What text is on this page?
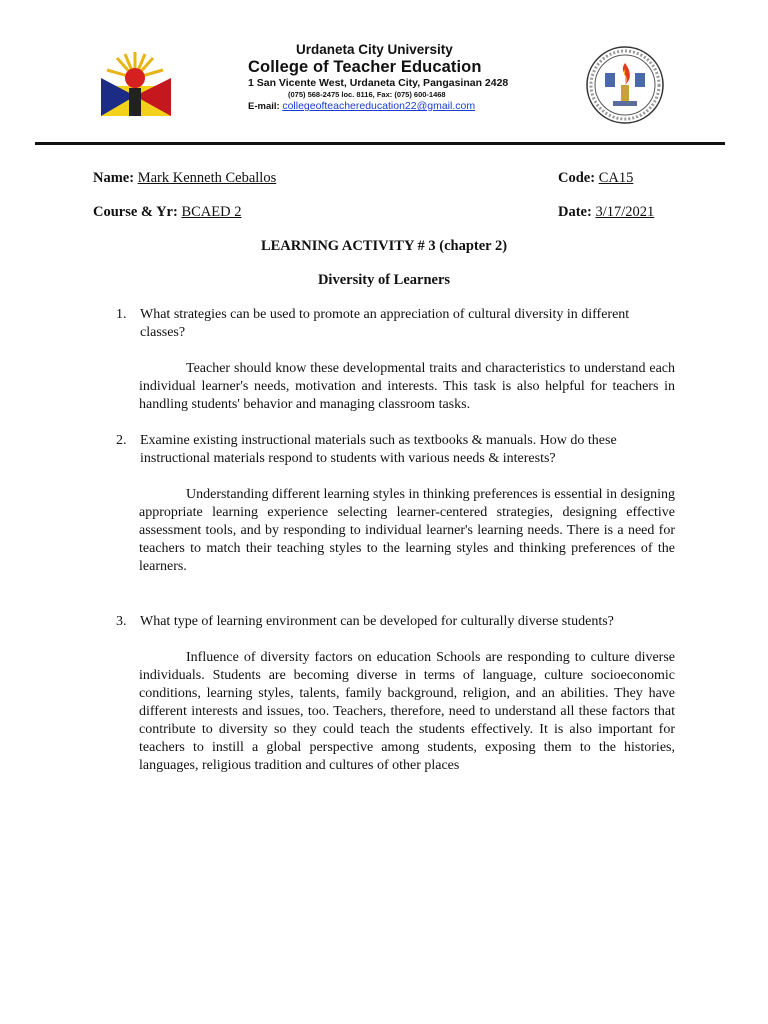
Urdaneta City University
College of Teacher Education
1 San Vicente West, Urdaneta City, Pangasinan 2428
(075) 568-2475 loc. 8116, Fax: (075) 600-1468
E-mail: collegeofteachereducation22@gmail.com
Name: Mark Kenneth Ceballos	Code: CA15
Course & Yr: BCAED 2	Date: 3/17/2021
LEARNING ACTIVITY # 3 (chapter 2)
Diversity of Learners
1. What strategies can be used to promote an appreciation of cultural diversity in different classes?
Teacher should know these developmental traits and characteristics to understand each individual learner's needs, motivation and interests. This task is also helpful for teachers in handling students' behavior and managing classroom tasks.
2. Examine existing instructional materials such as textbooks & manuals. How do these instructional materials respond to students with various needs & interests?
Understanding different learning styles in thinking preferences is essential in designing appropriate learning experience selecting learner-centered strategies, designing effective assessment tools, and by responding to individual learner's learning needs. There is a need for teachers to match their teaching styles to the learning styles and thinking preferences of the learners.
3. What type of learning environment can be developed for culturally diverse students?
Influence of diversity factors on education Schools are responding to culture diverse individuals. Students are becoming diverse in terms of language, culture socioeconomic conditions, learning styles, talents, family background, religion, and an abilities. They have different interests and issues, too. Teachers, therefore, need to understand all these factors that contribute to diversity so they could teach the students effectively. It is also important for teachers to instill a global perspective among students, exposing them to the histories, languages, religious tradition and cultures of other places
